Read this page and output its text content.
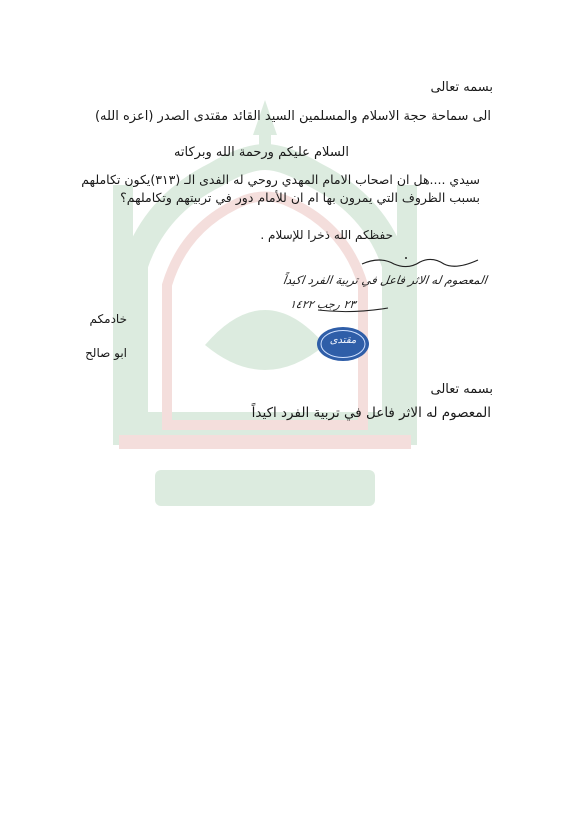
بسمه تعالى
الى سماحة حجة الاسلام والمسلمين السيد القائد مقتدى الصدر (اعزه الله)
السلام عليكم ورحمة الله وبركاته
سيدي ....هل ان اصحاب الامام المهدي روحي له الفدى الـ (٣١٣)يكون تكاملهم
بسبب الظروف التي يمرون بها ام ان للأمام دور في تربيتهم وتكاملهم؟
حفظكم الله ذخرا للإسلام .
المعصوم له الاثر فاعل في تربية الفرد اكيداً
٢٣ رجب ١٤٢٢
خادمكم
مقتدى
ابو صالح
بسمه تعالى
المعصوم له الاثر فاعل في تربية الفرد اكيداً
